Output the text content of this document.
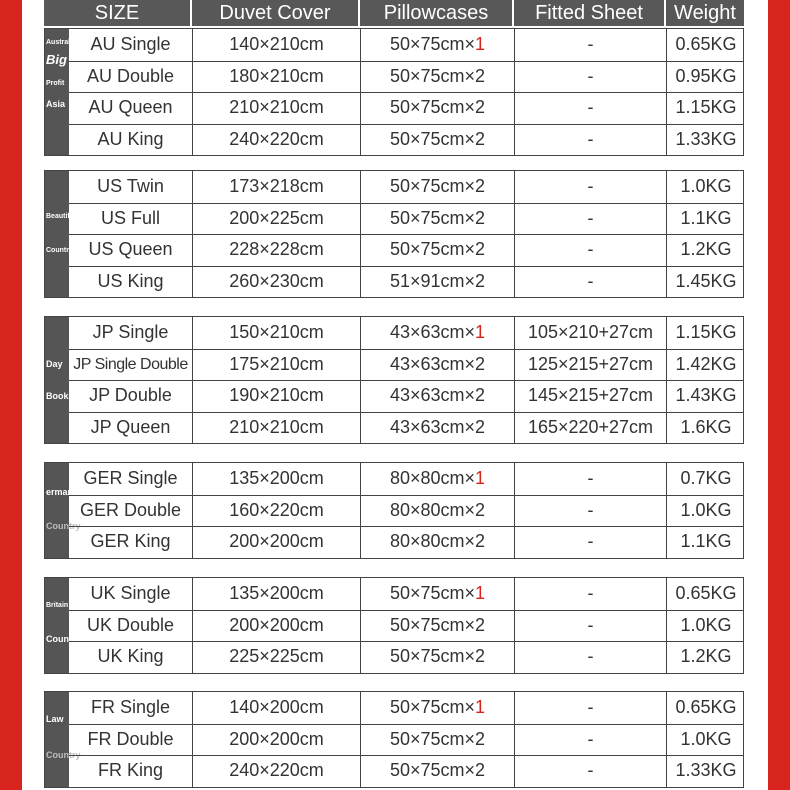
SIZE	Duvet Cover	Pillowcases	Fitted Sheet	Weight
Australi
Big
Profit
Asia
AU Single	140×210cm	50×75cm×1	-	0.65KG
AU Double	180×210cm	50×75cm×2	-	0.95KG
AU Queen	210×210cm	50×75cm×2	-	1.15KG
AU King	240×220cm	50×75cm×2	-	1.33KG
Beautif
Country
US Twin	173×218cm	50×75cm×2	-	1.0KG
US Full	200×225cm	50×75cm×2	-	1.1KG
US Queen	228×228cm	50×75cm×2	-	1.2KG
US King	260×230cm	51×91cm×2	-	1.45KG
Day
Book
JP Single	150×210cm	43×63cm×1	105×210+27cm	1.15KG
JP Single Double	175×210cm	43×63cm×2	125×215+27cm	1.42KG
JP Double	190×210cm	43×63cm×2	145×215+27cm	1.43KG
JP Queen	210×210cm	43×63cm×2	165×220+27cm	1.6KG
ermar
Country
GER Single	135×200cm	80×80cm×1	-	0.7KG
GER Double	160×220cm	80×80cm×2	-	1.0KG
GER King	200×200cm	80×80cm×2	-	1.1KG
Britain
Countr
UK Single	135×200cm	50×75cm×1	-	0.65KG
UK Double	200×200cm	50×75cm×2	-	1.0KG
UK King	225×225cm	50×75cm×2	-	1.2KG
Law
Country
FR Single	140×200cm	50×75cm×1	-	0.65KG
FR Double	200×200cm	50×75cm×2	-	1.0KG
FR King	240×220cm	50×75cm×2	-	1.33KG
